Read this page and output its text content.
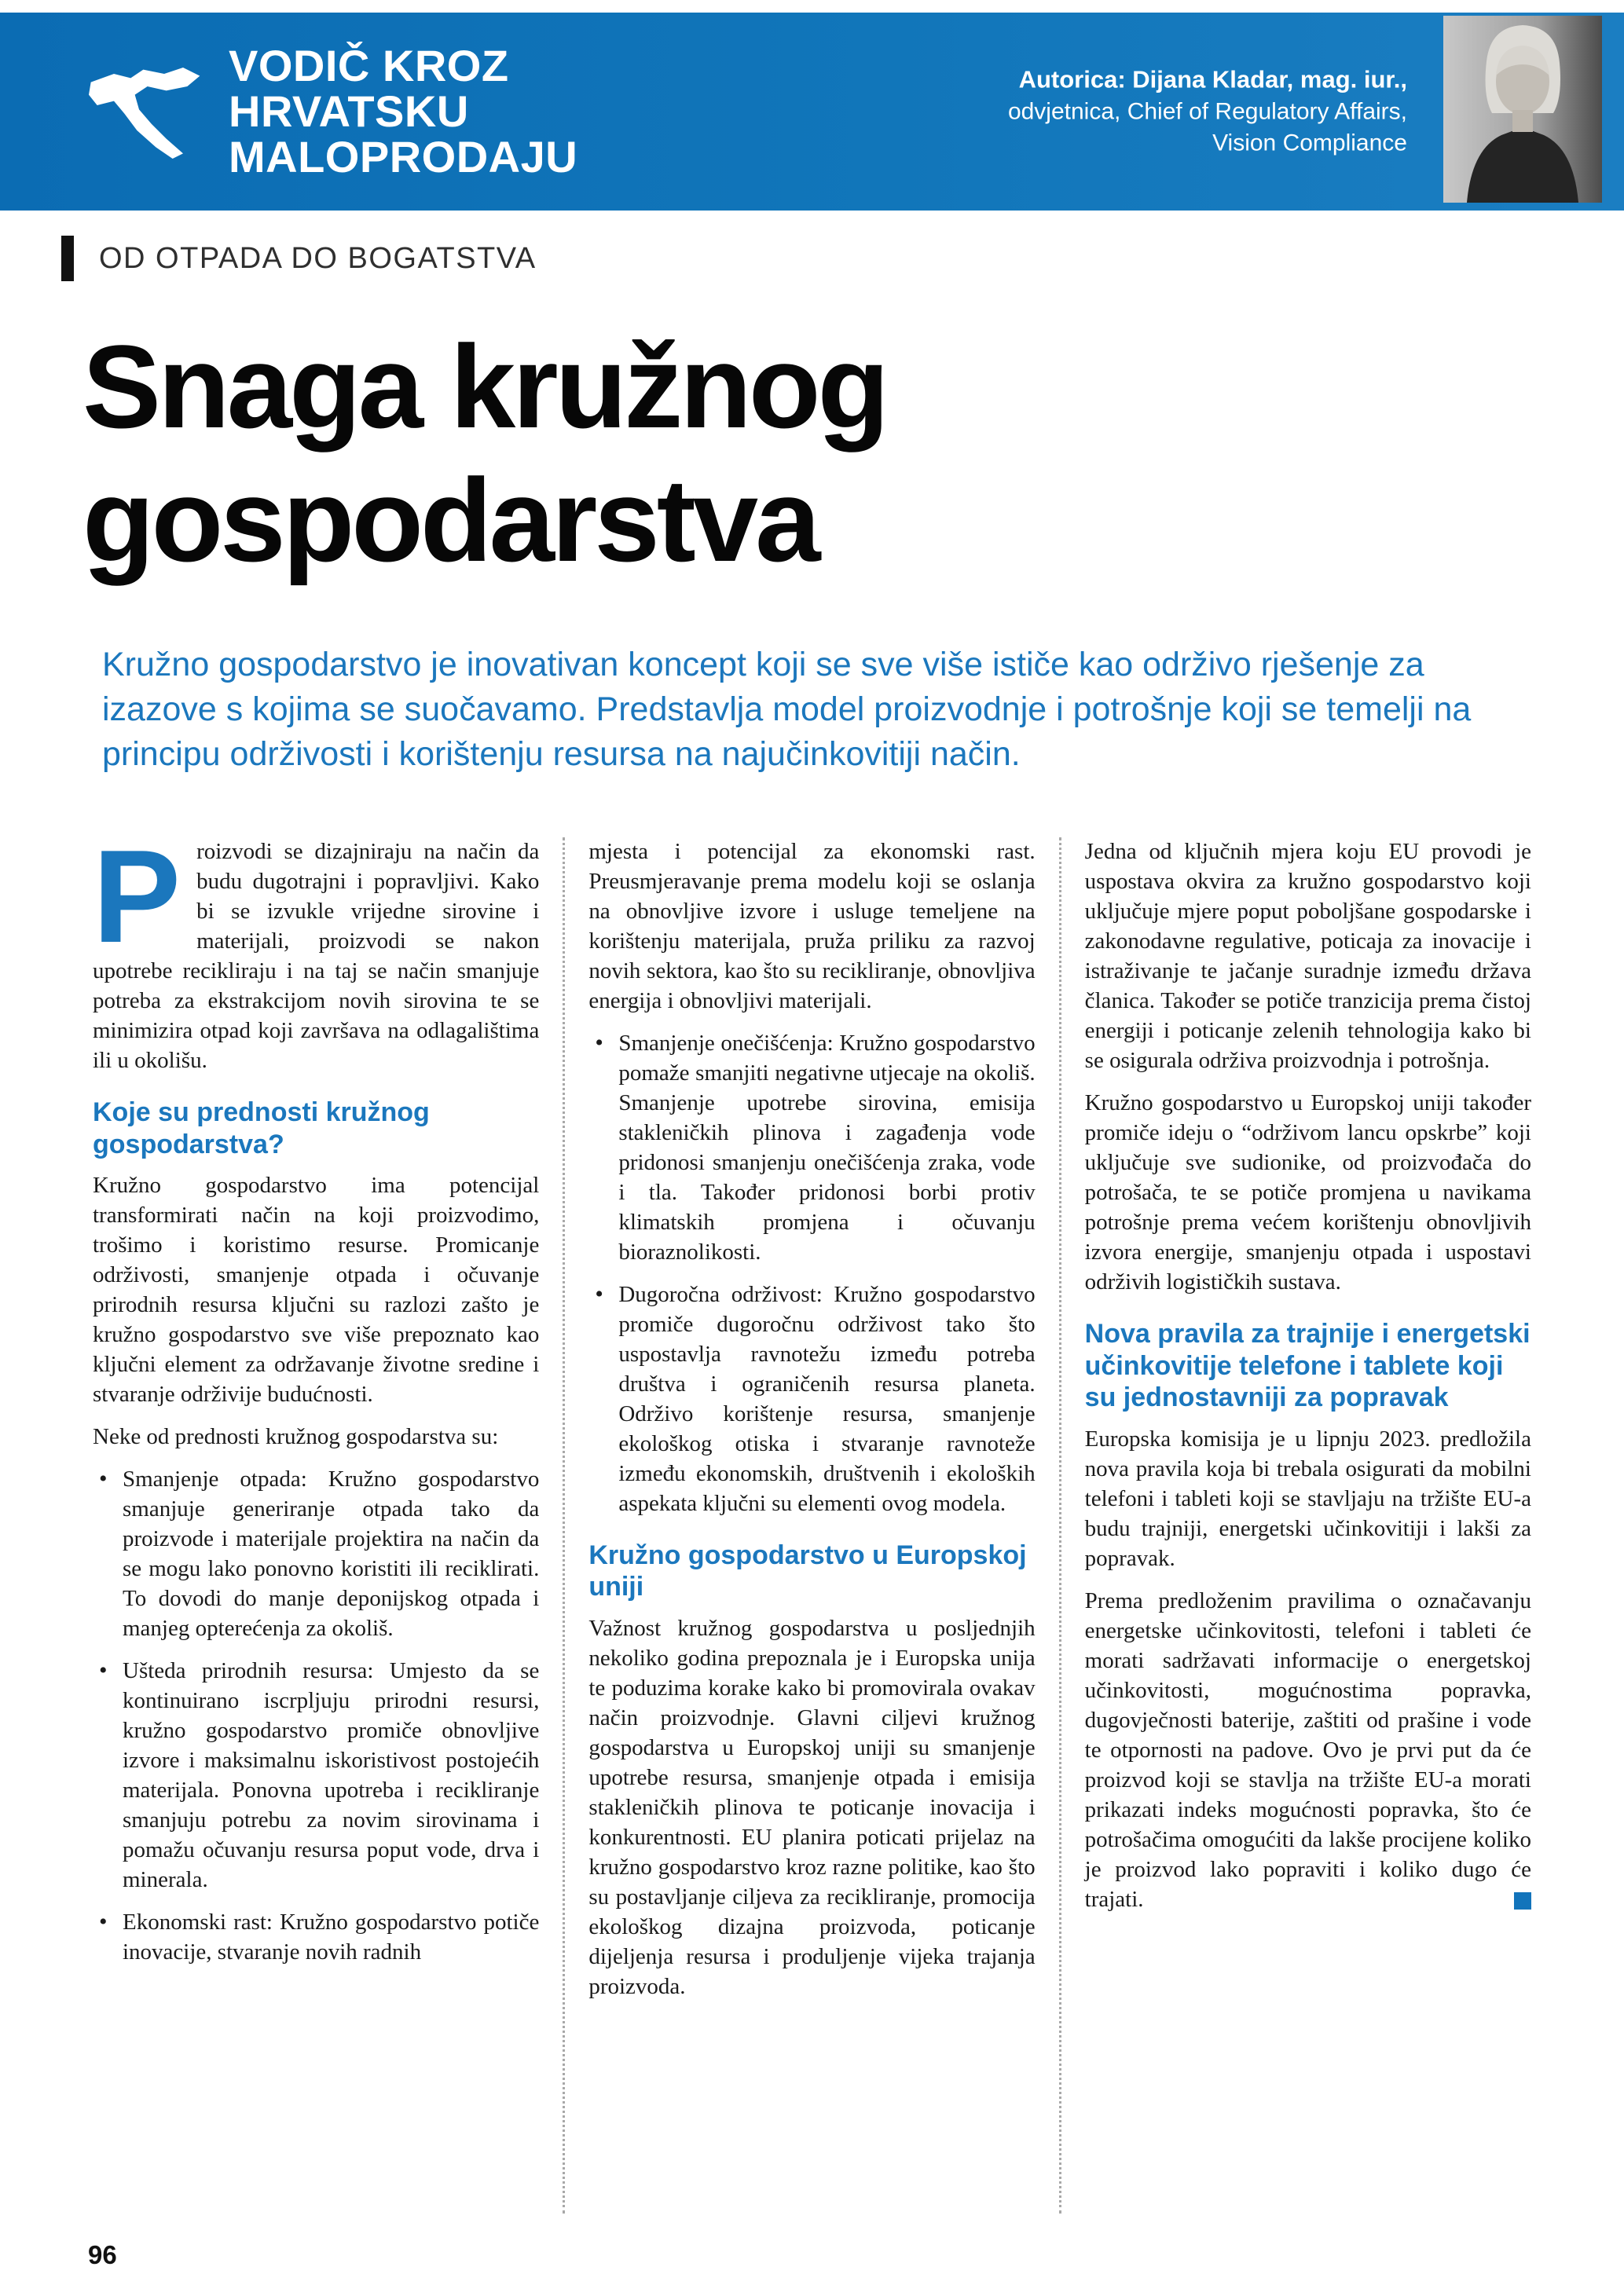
VODIČ KROZ
HRVATSKU
MALOPRODAJU
Autorica: Dijana Kladar, mag. iur.,
odvjetnica, Chief of Regulatory Affairs,
Vision Compliance
OD OTPADA DO BOGATSTVA
Snaga kružnog
gospodarstva

Kružno gospodarstvo je inovativan koncept koji se sve više ističe kao održivo rješenje za izazove s kojima se suočavamo. Predstavlja model proizvodnje i potrošnje koji se temelji na principu održivosti i korištenju resursa na najučinkovitiji način.

Proizvodi se dizajniraju na način da budu dugotrajni i popravljivi. Kako bi se izvukle vrijedne sirovine i materijali, proizvodi se nakon upotrebe recikliraju i na taj se način smanjuje potreba za ekstrakcijom novih sirovina te se minimizira otpad koji završava na odlagalištima ili u okolišu.

Koje su prednosti kružnog gospodarstva?

Kružno gospodarstvo ima potencijal transformirati način na koji proizvodimo, trošimo i koristimo resurse. Promicanje održivosti, smanjenje otpada i očuvanje prirodnih resursa ključni su razlozi zašto je kružno gospodarstvo sve više prepoznato kao ključni element za održavanje životne sredine i stvaranje održivije budućnosti.

Neke od prednosti kružnog gospodarstva su:

• Smanjenje otpada: Kružno gospodarstvo smanjuje generiranje otpada tako da proizvode i materijale projektira na način da se mogu lako ponovno koristiti ili reciklirati. To dovodi do manje deponijskog otpada i manjeg opterećenja za okoliš.
• Ušteda prirodnih resursa: Umjesto da se kontinuirano iscrpljuju prirodni resursi, kružno gospodarstvo promiče obnovljive izvore i maksimalnu iskoristivost postojećih materijala. Ponovna upotreba i recikliranje smanjuju potrebu za novim sirovinama i pomažu očuvanju resursa poput vode, drva i minerala.
• Ekonomski rast: Kružno gospodarstvo potiče inovacije, stvaranje novih radnih

mjesta i potencijal za ekonomski rast. Preusmjeravanje prema modelu koji se oslanja na obnovljive izvore i usluge temeljene na korištenju materijala, pruža priliku za razvoj novih sektora, kao što su recikliranje, obnovljiva energija i obnovljivi materijali.

• Smanjenje onečišćenja: Kružno gospodarstvo pomaže smanjiti negativne utjecaje na okoliš. Smanjenje upotrebe sirovina, emisija stakleničkih plinova i zagađenja vode pridonosi smanjenju onečišćenja zraka, vode i tla. Također pridonosi borbi protiv klimatskih promjena i očuvanju bioraznolikosti.
• Dugoročna održivost: Kružno gospodarstvo promiče dugoročnu održivost tako što uspostavlja ravnotežu između potreba društva i ograničenih resursa planeta. Održivo korištenje resursa, smanjenje ekološkog otiska i stvaranje ravnoteže između ekonomskih, društvenih i ekoloških aspekata ključni su elementi ovog modela.
Kružno gospodarstvo u Europskoj uniji

Važnost kružnog gospodarstva u posljednjih nekoliko godina prepoznala je i Europska unija te poduzima korake kako bi promovirala ovakav način proizvodnje. Glavni ciljevi kružnog gospodarstva u Europskoj uniji su smanjenje upotrebe resursa, smanjenje otpada i emisija stakleničkih plinova te poticanje inovacija i konkurentnosti. EU planira poticati prijelaz na kružno gospodarstvo kroz razne politike, kao što su postavljanje ciljeva za recikliranje, promocija ekološkog dizajna proizvoda, poticanje dijeljenja resursa i produljenje vijeka trajanja proizvoda.

Jedna od ključnih mjera koju EU provodi je uspostava okvira za kružno gospodarstvo koji uključuje mjere poput poboljšane gospodarske i zakonodavne regulative, poticaja za inovacije i istraživanje te jačanje suradnje između država članica. Također se potiče tranzicija prema čistoj energiji i poticanje zelenih tehnologija kako bi se osigurala održiva proizvodnja i potrošnja.

Kružno gospodarstvo u Europskoj uniji također promiče ideju o “održivom lancu opskrbe” koji uključuje sve sudionike, od proizvođača do potrošača, te se potiče promjena u navikama potrošnje prema većem korištenju obnovljivih izvora energije, smanjenju otpada i uspostavi održivih logističkih sustava.

Nova pravila za trajnije i energetski učinkovitije telefone i tablete koji su jednostavniji za popravak

Europska komisija je u lipnju 2023. predložila nova pravila koja bi trebala osigurati da mobilni telefoni i tableti koji se stavljaju na tržište EU-a budu trajniji, energetski učinkovitiji i lakši za popravak.

Prema predloženim pravilima o označavanju energetske učinkovitosti, telefoni i tableti će morati sadržavati informacije o energetskoj učinkovitosti, mogućnostima popravka, dugovječnosti baterije, zaštiti od prašine i vode te otpornosti na padove. Ovo je prvi put da će proizvod koji se stavlja na tržište EU-a morati prikazati indeks mogućnosti popravka, što će potrošačima omogućiti da lakše procijene koliko je proizvod lako popraviti i koliko dugo će trajati.

96
